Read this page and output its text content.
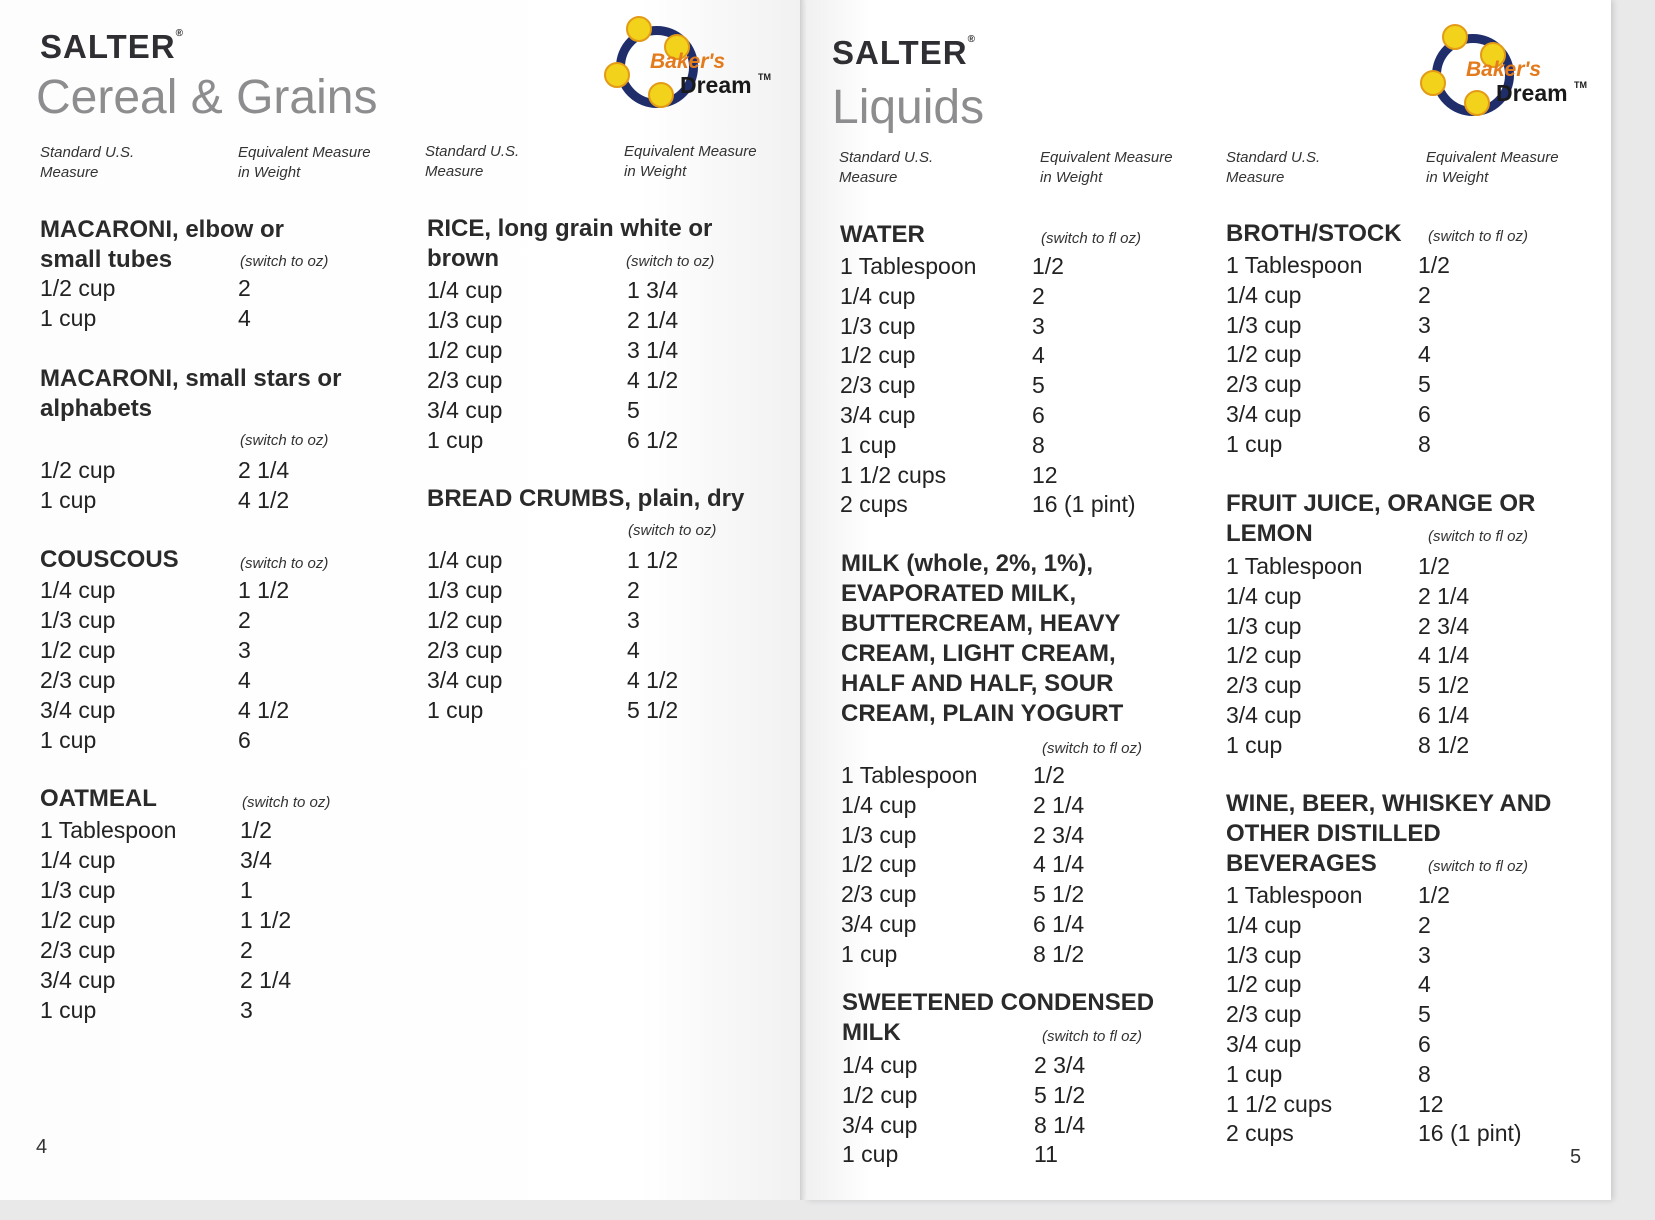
SALTER®
Cereal & Grains
Baker's
Dream TM
Standard U.S.
Measure
Equivalent Measure
in Weight
Standard U.S.
Measure
Equivalent Measure
in Weight
MACARONI, elbow or
small tubes	(switch to oz)
1/2 cup	2
1 cup	4
MACARONI, small stars or
alphabets
(switch to oz)
1/2 cup	2 1/4
1 cup	4 1/2
COUSCOUS	(switch to oz)
1/4 cup	1 1/2
1/3 cup	2
1/2 cup	3
2/3 cup	4
3/4 cup	4 1/2
1 cup	6
OATMEAL	(switch to oz)
1 Tablespoon	1/2
1/4 cup	3/4
1/3 cup	1
1/2 cup	1 1/2
2/3 cup	2
3/4 cup	2 1/4
1 cup	3
RICE, long grain white or
brown	(switch to oz)
1/4 cup	1 3/4
1/3 cup	2 1/4
1/2 cup	3 1/4
2/3 cup	4 1/2
3/4 cup	5
1 cup	6 1/2
BREAD CRUMBS, plain, dry
(switch to oz)
1/4 cup	1 1/2
1/3 cup	2
1/2 cup	3
2/3 cup	4
3/4 cup	4 1/2
1 cup	5 1/2
4
SALTER®
Liquids
Baker's
Dream TM
Standard U.S.
Measure
Equivalent Measure
in Weight
Standard U.S.
Measure
Equivalent Measure
in Weight
WATER	(switch to fl oz)
1 Tablespoon 1/2
1/4 cup	2
1/3 cup	3
1/2 cup	4
2/3 cup	5
3/4 cup	6
1 cup	8
1 1/2 cups	12
2 cups	16 (1 pint)
MILK (whole, 2%, 1%),
EVAPORATED MILK,
BUTTERCREAM, HEAVY
CREAM, LIGHT CREAM,
HALF AND HALF, SOUR
CREAM, PLAIN YOGURT
(switch to fl oz)
1 Tablespoon 1/2
1/4 cup	2 1/4
1/3 cup	2 3/4
1/2 cup	4 1/4
2/3 cup	5 1/2
3/4 cup	6 1/4
1 cup	8 1/2
SWEETENED CONDENSED
MILK	(switch to fl oz)
1/4 cup	2 3/4
1/2 cup	5 1/2
3/4 cup	8 1/4
1 cup	11
BROTH/STOCK (switch to fl oz)
1 Tablespoon 1/2
1/4 cup	2
1/3 cup	3
1/2 cup	4
2/3 cup	5
3/4 cup	6
1 cup	8
FRUIT JUICE, ORANGE OR
LEMON	(switch to fl oz)
1 Tablespoon 1/2
1/4 cup	2 1/4
1/3 cup	2 3/4
1/2 cup	4 1/4
2/3 cup	5 1/2
3/4 cup	6 1/4
1 cup	8 1/2
WINE, BEER, WHISKEY AND
OTHER DISTILLED
BEVERAGES	(switch to fl oz)
1 Tablespoon 1/2
1/4 cup	2
1/3 cup	3
1/2 cup	4
2/3 cup	5
3/4 cup	6
1 cup	8
1 1/2 cups	12
2 cups	16 (1 pint)
5
